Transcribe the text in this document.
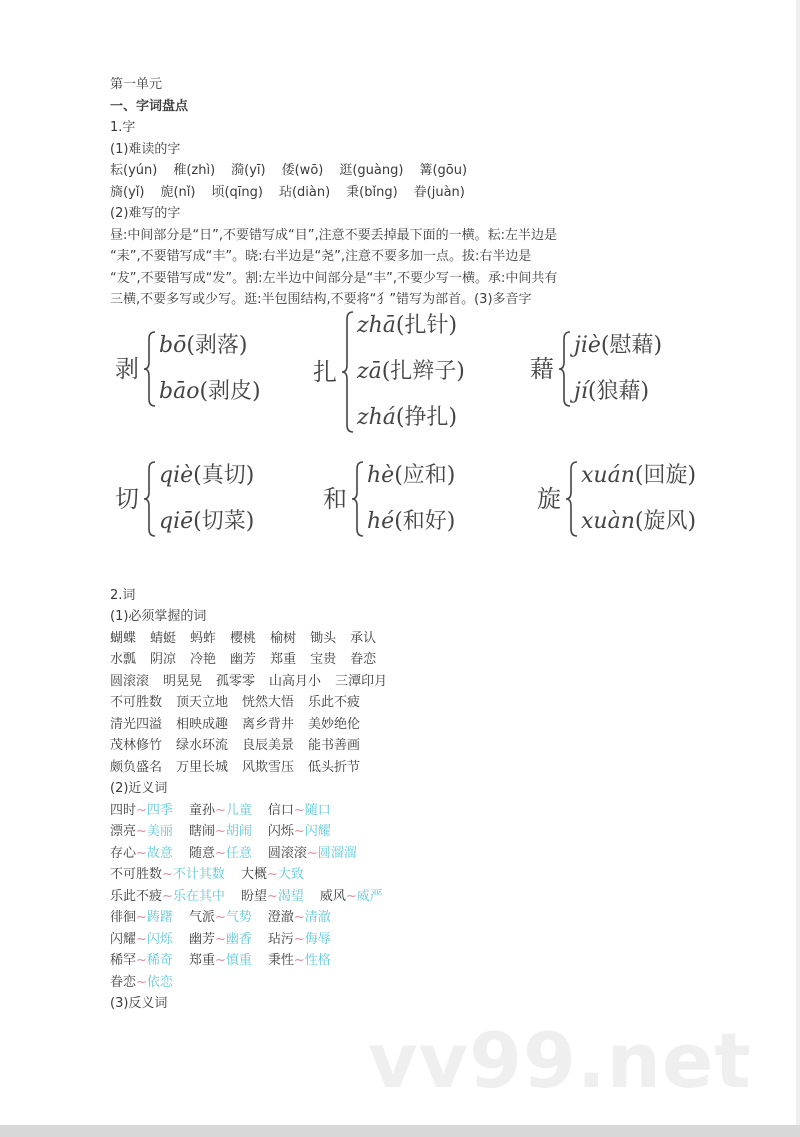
第一单元
一、字词盘点
1.字
(1)难读的字
耘(yún) 稚(zhì) 漪(yī) 倭(wō) 逛(guàng) 篝(gōu)
旖(yǐ) 旎(nǐ) 顷(qīng) 玷(diàn) 秉(bǐng) 眷(juàn)
(2)难写的字
昼:中间部分是“日”,不要错写成“目”,注意不要丢掉最下面的一横。耘:左半边是
“耒”,不要错写成“丰”。晓:右半边是“尧”,注意不要多加一点。拔:右半边是
“犮”,不要错写成“发”。割:左半边中间部分是“丰”,不要少写一横。承:中间共有
三横,不要多写或少写。逛:半包围结构,不要将“犭”错写为部首。(3)多音字
剥
bō(剥落)
bāo(剥皮)
扎
zhā(扎针)
zā(扎辫子)
zhá(挣扎)
藉
jiè(慰藉)
jí(狼藉)
切
qiè(真切)
qiē(切菜)
和
hè(应和)
hé(和好)
旋
xuán(回旋)
xuàn(旋风)
2.词
(1)必须掌握的词
蝴蝶 蜻蜓 蚂蚱 樱桃 榆树 锄头 承认
水瓢 阴凉 冷艳 幽芳 郑重 宝贵 眷恋
圆滚滚 明晃晃 孤零零 山高月小 三潭印月
不可胜数 顶天立地 恍然大悟 乐此不疲
清光四溢 相映成趣 离乡背井 美妙绝伦
茂林修竹 绿水环流 良辰美景 能书善画
颇负盛名 万里长城 风欺雪压 低头折节
(2)近义词
四时~四季 童孙~儿童 信口~随口
漂亮~美丽 瞎闹~胡闹 闪烁~闪耀
存心~故意 随意~任意 圆滚滚~圆溜溜
不可胜数~不计其数 大概~大致
乐此不疲~乐在其中 盼望~渴望 威风~威严
徘徊~踌躇 气派~气势 澄澈~清澈
闪耀~闪烁 幽芳~幽香 玷污~侮辱
稀罕~稀奇 郑重~慎重 秉性~性格
眷恋~依恋
(3)反义词
vv99.net
